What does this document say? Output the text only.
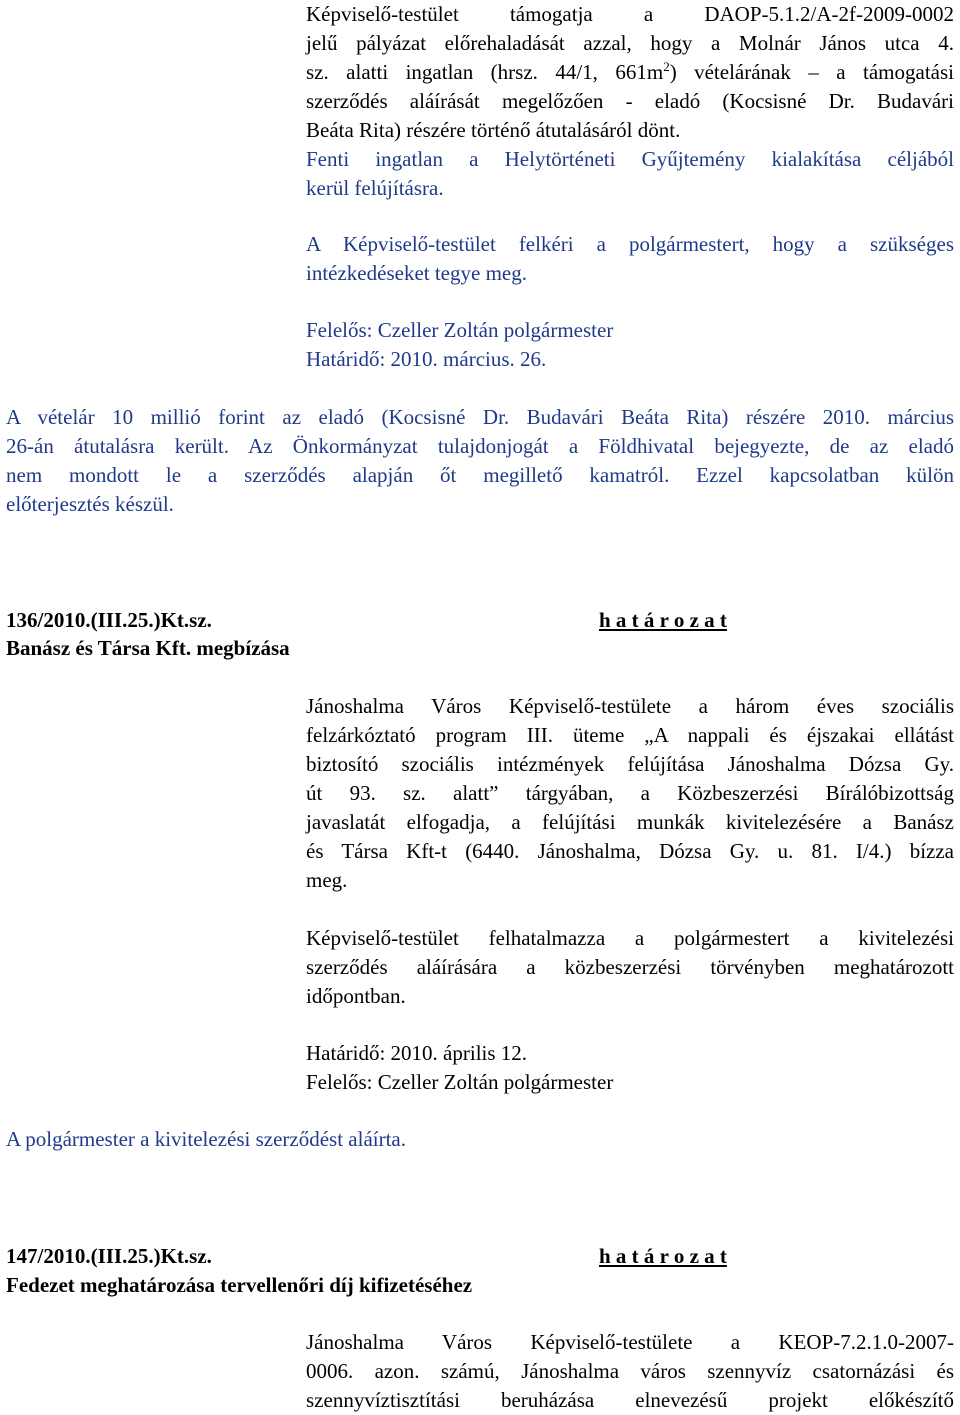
Képviselő-testület támogatja a DAOP-5.1.2/A-2f-2009-0002
jelű pályázat előrehaladását azzal, hogy a Molnár János utca 4.
sz. alatti ingatlan (hrsz. 44/1, $661m^2$) vételárának – a támogatási
szerződés aláírását megelőzően - eladó (Kocsisné Dr. Budavári
Beáta Rita) részére történő átutalásáról dönt.
Fenti ingatlan a Helytörténeti Gyűjtemény kialakítása céljából
kerül felújításra.
A Képviselő-testület felkéri a polgármestert, hogy a szükséges
intézkedéseket tegye meg.
Felelős: Czeller Zoltán polgármester
Határidő: 2010. március. 26.
A vételár 10 millió forint az eladó (Kocsisné Dr. Budavári Beáta Rita) részére 2010. március
26-án átutalásra került. Az Önkormányzat tulajdonjogát a Földhivatal bejegyezte, de az eladó
nem mondott le a szerződés alapján őt megillető kamatról. Ezzel kapcsolatban külön
előterjesztés készül.
136/2010.(III.25.)Kt.sz.
Banász és Társa Kft. megbízása
h a t á r o z a t
Jánoshalma Város Képviselő-testülete a három éves szociális
felzárkóztató program III. üteme „A nappali és éjszakai ellátást
biztosító szociális intézmények felújítása Jánoshalma Dózsa Gy.
út 93. sz. alatt” tárgyában, a Közbeszerzési Bírálóbizottság
javaslatát elfogadja, a felújítási munkák kivitelezésére a Banász
és Társa Kft-t (6440. Jánoshalma, Dózsa Gy. u. 81. I/4.) bízza
meg.
Képviselő-testület felhatalmazza a polgármestert a kivitelezési
szerződés aláírására a közbeszerzési törvényben meghatározott
időpontban.
Határidő: 2010. április 12.
Felelős: Czeller Zoltán polgármester
A polgármester a kivitelezési szerződést aláírta.
147/2010.(III.25.)Kt.sz.
Fedezet meghatározása tervellenőri díj kifizetéséhez
h a t á r o z a t
Jánoshalma Város Képviselő-testülete a KEOP-7.2.1.0-2007-
0006. azon. számú, Jánoshalma város szennyvíz csatornázási és
szennyvíztisztítási beruházása elnevezésű projekt előkészítő
